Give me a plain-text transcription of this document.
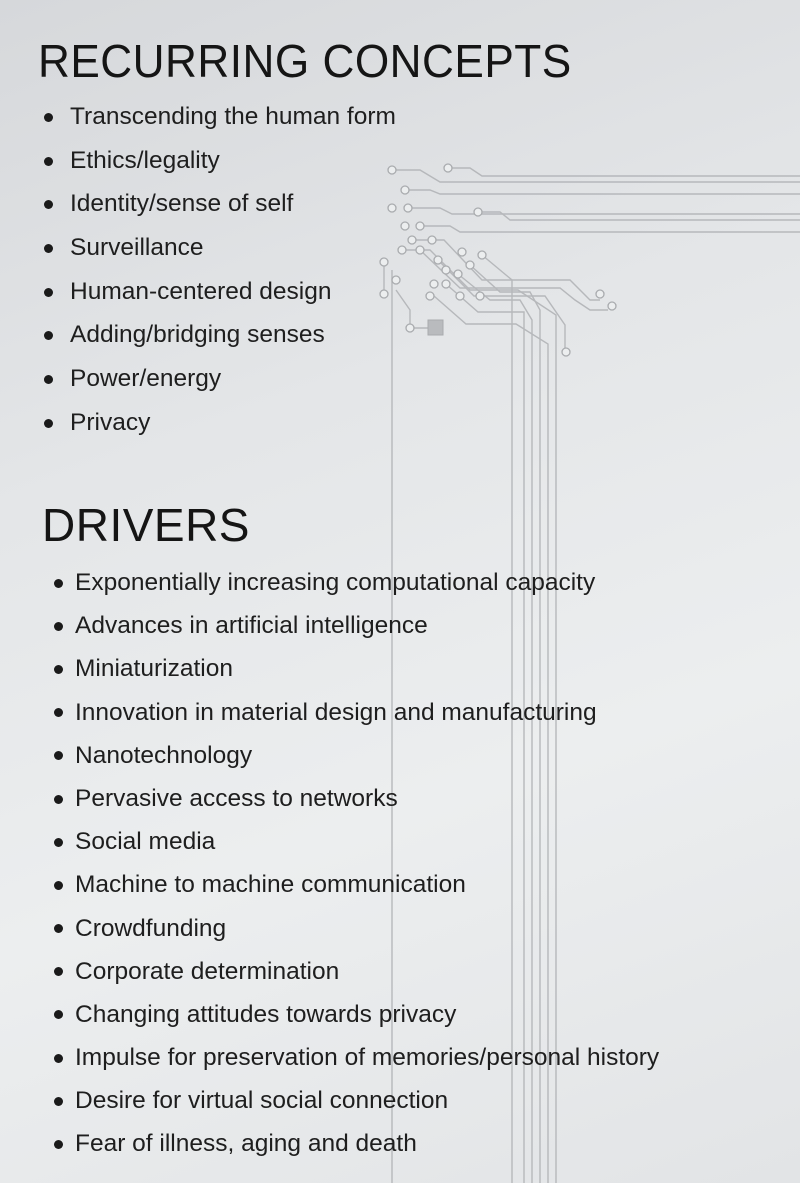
RECURRING CONCEPTS
Transcending the human form
Ethics/legality
Identity/sense of self
Surveillance
Human-centered design
Adding/bridging senses
Power/energy
Privacy
DRIVERS
Exponentially increasing computational capacity
Advances in artificial intelligence
Miniaturization
Innovation in material design and manufacturing
Nanotechnology
Pervasive access to networks
Social media
Machine to machine communication
Crowdfunding
Corporate determination
Changing attitudes towards privacy
Impulse for preservation of memories/personal history
Desire for virtual social connection
Fear of illness, aging and death
